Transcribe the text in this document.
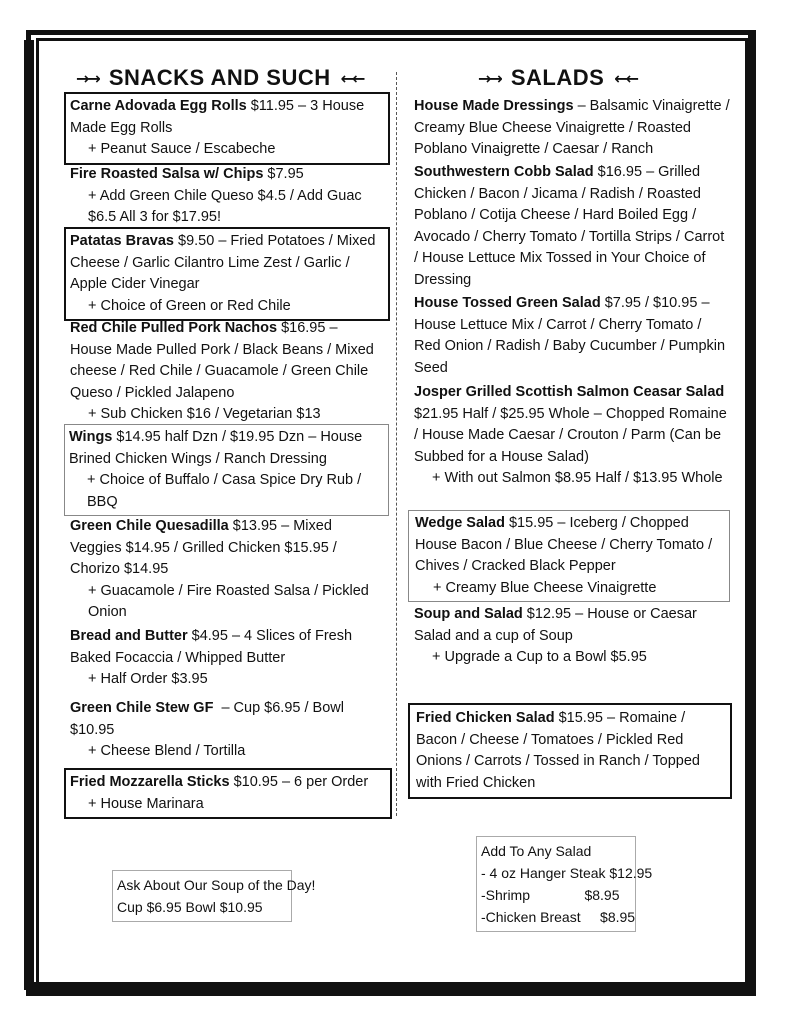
→→ SNACKS AND SUCH ←←	→→ SALADS ←←
Carne Adovada Egg Rolls $11.95 – 3 House Made Egg Rolls
+ Peanut Sauce / Escabeche
Fire Roasted Salsa w/ Chips $7.95
+ Add Green Chile Queso $4.5 / Add Guac $6.5 All 3 for $17.95!
Patatas Bravas $9.50 – Fried Potatoes / Mixed Cheese / Garlic Cilantro Lime Zest / Garlic / Apple Cider Vinegar
+ Choice of Green or Red Chile
Red Chile Pulled Pork Nachos $16.95 – House Made Pulled Pork / Black Beans / Mixed cheese / Red Chile / Guacamole / Green Chile Queso / Pickled Jalapeno
+ Sub Chicken $16 / Vegetarian $13
Wings $14.95 half Dzn / $19.95 Dzn – House Brined Chicken Wings / Ranch Dressing
+ Choice of Buffalo / Casa Spice Dry Rub / BBQ
Green Chile Quesadilla $13.95 – Mixed Veggies $14.95 / Grilled Chicken $15.95 / Chorizo $14.95
+ Guacamole / Fire Roasted Salsa / Pickled Onion
Bread and Butter $4.95 – 4 Slices of Fresh Baked Focaccia / Whipped Butter
+ Half Order $3.95
Green Chile Stew GF – Cup $6.95 / Bowl $10.95
+ Cheese Blend / Tortilla
Fried Mozzarella Sticks $10.95 – 6 per Order
+ House Marinara
Ask About Our Soup of the Day!
Cup $6.95 Bowl $10.95
House Made Dressings – Balsamic Vinaigrette / Creamy Blue Cheese Vinaigrette / Roasted Poblano Vinaigrette / Caesar / Ranch
Southwestern Cobb Salad $16.95 – Grilled Chicken / Bacon / Jicama / Radish / Roasted Poblano / Cotija Cheese / Hard Boiled Egg / Avocado / Cherry Tomato / Tortilla Strips / Carrot / House Lettuce Mix Tossed in Your Choice of Dressing
House Tossed Green Salad $7.95 / $10.95 – House Lettuce Mix / Carrot / Cherry Tomato / Red Onion / Radish / Baby Cucumber / Pumpkin Seed
Josper Grilled Scottish Salmon Ceasar Salad
$21.95 Half / $25.95 Whole – Chopped Romaine / House Made Caesar / Crouton / Parm (Can be Subbed for a House Salad)
+ With out Salmon $8.95 Half / $13.95 Whole
Wedge Salad $15.95 – Iceberg / Chopped House Bacon / Blue Cheese / Cherry Tomato / Chives / Cracked Black Pepper
+ Creamy Blue Cheese Vinaigrette
Soup and Salad $12.95 – House or Caesar Salad and a cup of Soup
+ Upgrade a Cup to a Bowl $5.95
Fried Chicken Salad $15.95 – Romaine / Bacon / Cheese / Tomatoes / Pickled Red Onions / Carrots / Tossed in Ranch / Topped with Fried Chicken
Add To Any Salad
- 4 oz Hanger Steak $12.95
-Shrimp              $8.95
-Chicken Breast     $8.95
